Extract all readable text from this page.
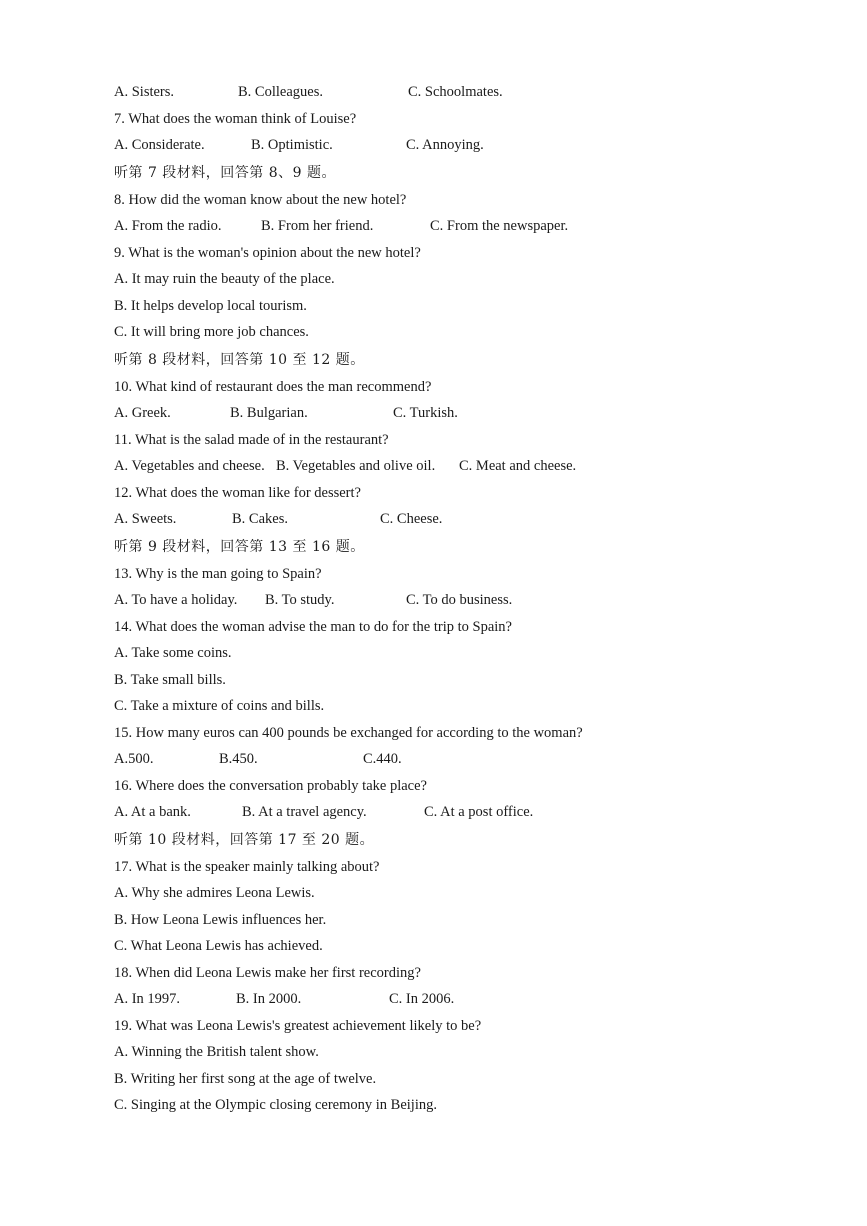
A. Sisters.	B. Colleagues.	C. Schoolmates.
7. What does the woman think of Louise?
A. Considerate.	B. Optimistic.	C. Annoying.
听第 7 段材料，回答第 8、9 题。
8. How did the woman know about the new hotel?
A. From the radio.	B. From her friend.	C. From the newspaper.
9. What is the woman's opinion about the new hotel?
A. It may ruin the beauty of the place.
B. It helps develop local tourism.
C. It will bring more job chances.
听第 8 段材料，回答第 10 至 12 题。
10. What kind of restaurant does the man recommend?
A. Greek.	B. Bulgarian.	C. Turkish.
11. What is the salad made of in the restaurant?
A. Vegetables and cheese. B. Vegetables and olive oil. C. Meat and cheese.
12. What does the woman like for dessert?
A. Sweets.	B. Cakes.	C. Cheese.
听第 9 段材料，回答第 13 至 16 题。
13. Why is the man going to Spain?
A. To have a holiday. B. To study.	C. To do business.
14. What does the woman advise the man to do for the trip to Spain?
A. Take some coins.
B. Take small bills.
C. Take a mixture of coins and bills.
15. How many euros can 400 pounds be exchanged for according to the woman?
A.500.	B.450.	C.440.
16. Where does the conversation probably take place?
A. At a bank.	B. At a travel agency.	C. At a post office.
听第 10 段材料，回答第 17 至 20 题。
17. What is the speaker mainly talking about?
A. Why she admires Leona Lewis.
B. How Leona Lewis influences her.
C. What Leona Lewis has achieved.
18. When did Leona Lewis make her first recording?
A. In 1997.	B. In 2000.	C. In 2006.
19. What was Leona Lewis's greatest achievement likely to be?
A. Winning the British talent show.
B. Writing her first song at the age of twelve.
C. Singing at the Olympic closing ceremony in Beijing.
